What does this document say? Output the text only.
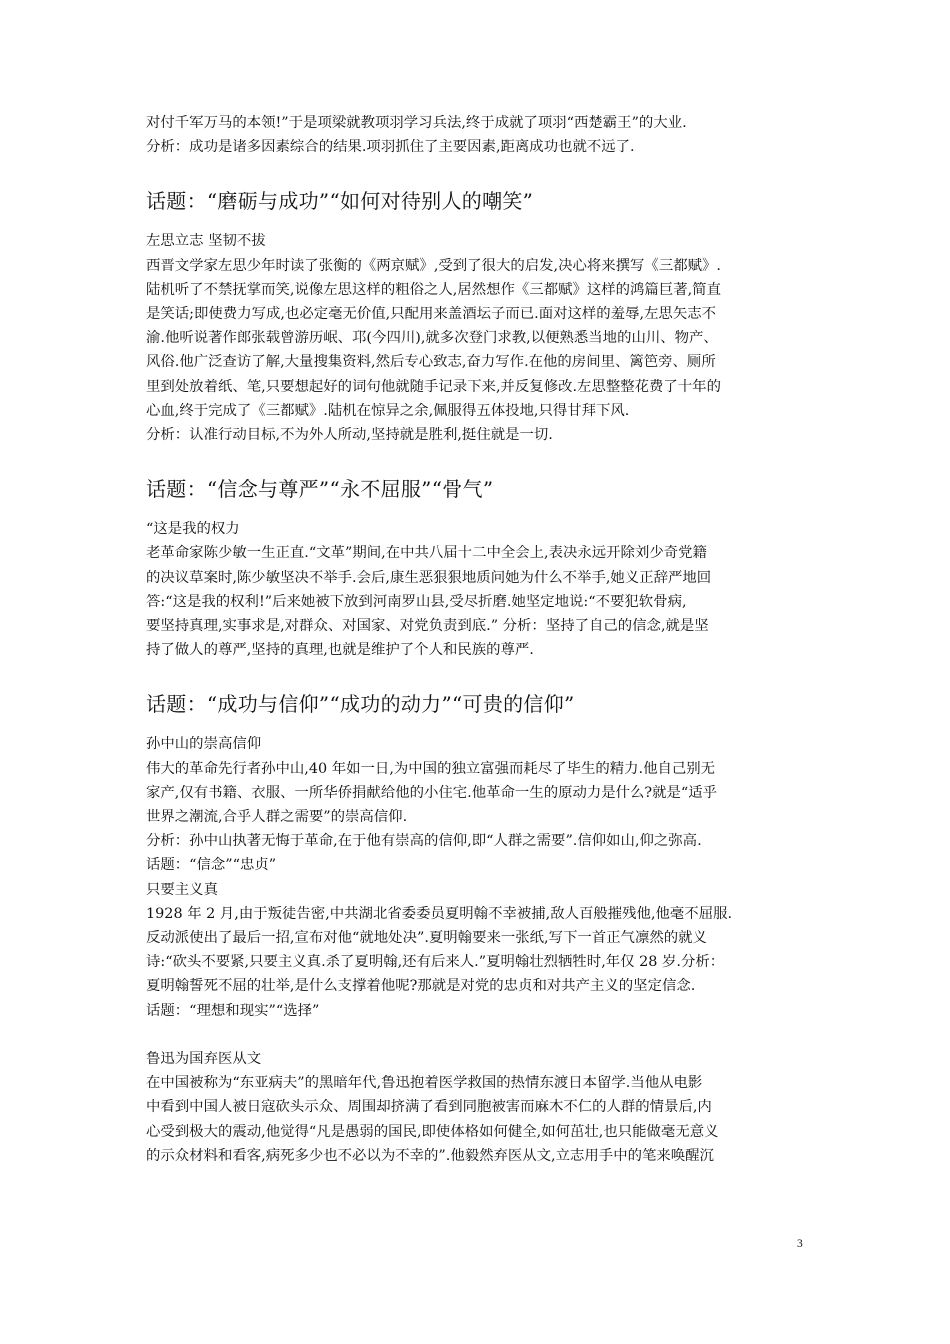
对付千军万马的本领!”于是项梁就教项羽学习兵法,终于成就了项羽“西楚霸王”的大业.

分析：成功是诸多因素综合的结果.项羽抓住了主要因素,距离成功也就不远了.

话题：“磨砺与成功”“如何对待别人的嘲笑”

左思立志 坚韧不拔

西晋文学家左思少年时读了张衡的《两京赋》,受到了很大的启发,决心将来撰写《三都赋》.

陆机听了不禁抚掌而笑,说像左思这样的粗俗之人,居然想作《三都赋》这样的鸿篇巨著,简直

是笑话;即使费力写成,也必定毫无价值,只配用来盖酒坛子而已.面对这样的羞辱,左思矢志不

渝.他听说著作郎张载曾游历岷、邛(今四川),就多次登门求教,以便熟悉当地的山川、物产、

风俗.他广泛查访了解,大量搜集资料,然后专心致志,奋力写作.在他的房间里、篱笆旁、厕所

里到处放着纸、笔,只要想起好的词句他就随手记录下来,并反复修改.左思整整花费了十年的

心血,终于完成了《三都赋》.陆机在惊异之余,佩服得五体投地,只得甘拜下风.

分析：认准行动目标,不为外人所动,坚持就是胜利,挺住就是一切.

话题：“信念与尊严”“永不屈服”“骨气”

“这是我的权力

老革命家陈少敏一生正直.“文革”期间,在中共八届十二中全会上,表决永远开除刘少奇党籍

的决议草案时,陈少敏坚决不举手.会后,康生恶狠狠地质问她为什么不举手,她义正辞严地回

答:“这是我的权利!”后来她被下放到河南罗山县,受尽折磨.她坚定地说:“不要犯软骨病,

要坚持真理,实事求是,对群众、对国家、对党负责到底.” 分析：坚持了自己的信念,就是坚

持了做人的尊严,坚持的真理,也就是维护了个人和民族的尊严.

话题：“成功与信仰”“成功的动力”“可贵的信仰”

孙中山的崇高信仰

伟大的革命先行者孙中山,40 年如一日,为中国的独立富强而耗尽了毕生的精力.他自己别无

家产,仅有书籍、衣服、一所华侨捐献给他的小住宅.他革命一生的原动力是什么?就是“适乎

世界之潮流,合乎人群之需要”的崇高信仰.

分析：孙中山执著无悔于革命,在于他有崇高的信仰,即“人群之需要”.信仰如山,仰之弥高.

话题：“信念”“忠贞”

只要主义真

1928 年 2 月,由于叛徒告密,中共湖北省委委员夏明翰不幸被捕,敌人百般摧残他,他毫不屈服.

反动派使出了最后一招,宣布对他“就地处决”.夏明翰要来一张纸,写下一首正气凛然的就义

诗:“砍头不要紧,只要主义真.杀了夏明翰,还有后来人.”夏明翰壮烈牺牲时,年仅 28 岁.分析：

夏明翰誓死不屈的壮举,是什么支撑着他呢?那就是对党的忠贞和对共产主义的坚定信念.

话题：“理想和现实”“选择”

鲁迅为国弃医从文

在中国被称为“东亚病夫”的黑暗年代,鲁迅抱着医学救国的热情东渡日本留学.当他从电影

中看到中国人被日寇砍头示众、周围却挤满了看到同胞被害而麻木不仁的人群的情景后,内

心受到极大的震动,他觉得“凡是愚弱的国民,即使体格如何健全,如何茁壮,也只能做毫无意义

的示众材料和看客,病死多少也不必以为不幸的”.他毅然弃医从文,立志用手中的笔来唤醒沉

3
